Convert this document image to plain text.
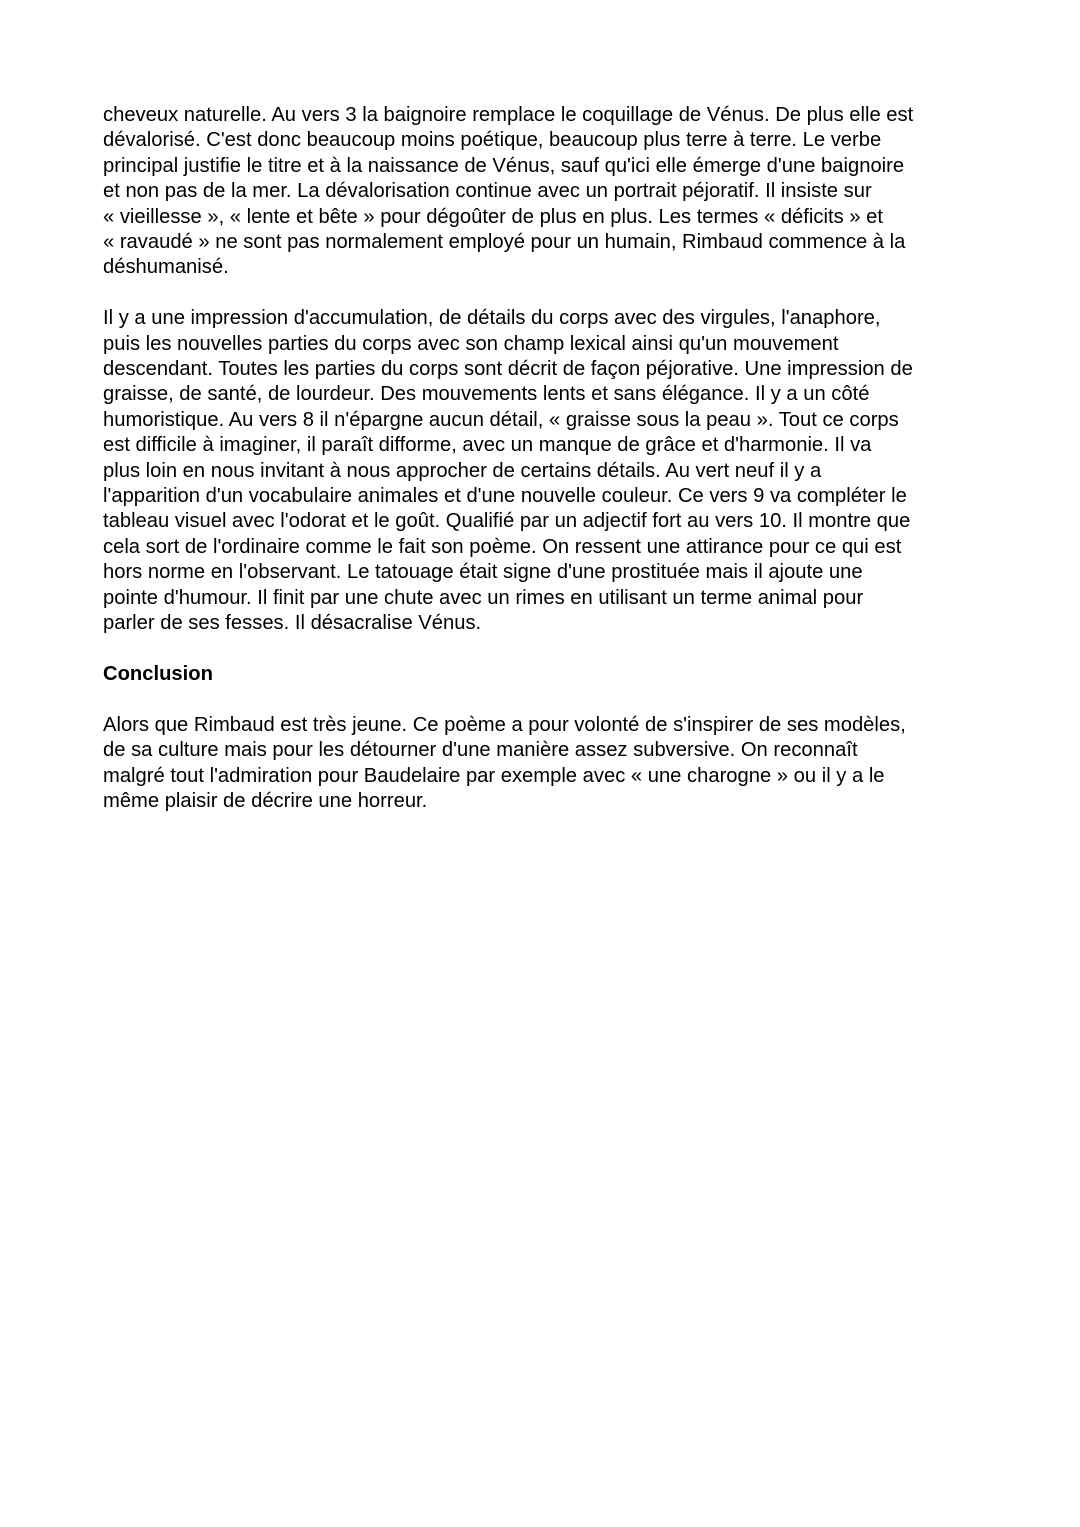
cheveux naturelle. Au vers 3 la baignoire remplace le coquillage de Vénus. De plus elle est
dévalorisé. C'est donc beaucoup moins poétique, beaucoup plus terre à terre. Le verbe
principal justifie le titre et à la naissance de Vénus, sauf qu'ici elle émerge d'une baignoire
et non pas de la mer. La dévalorisation continue avec un portrait péjoratif. Il insiste sur
« vieillesse », « lente et bête » pour dégoûter de plus en plus. Les termes « déficits » et
« ravaudé » ne sont pas normalement employé pour un humain, Rimbaud commence à la
déshumanisé.

Il y a une impression d'accumulation, de détails du corps avec des virgules, l'anaphore,
puis les nouvelles parties du corps avec son champ lexical ainsi qu'un mouvement
descendant. Toutes les parties du corps sont décrit de façon péjorative. Une impression de
graisse, de santé, de lourdeur. Des mouvements lents et sans élégance. Il y a un côté
humoristique. Au vers 8 il n'épargne aucun détail, « graisse sous la peau ». Tout ce corps
est difficile à imaginer, il paraît difforme, avec un manque de grâce et d'harmonie. Il va
plus loin en nous invitant à nous approcher de certains détails. Au vert neuf il y a
l'apparition d'un vocabulaire animales et d'une nouvelle couleur. Ce vers 9 va compléter le
tableau visuel avec l'odorat et le goût. Qualifié par un adjectif fort au vers 10. Il montre que
cela sort de l'ordinaire comme le fait son poème. On ressent une attirance pour ce qui est
hors norme en l'observant. Le tatouage était signe d'une prostituée mais il ajoute une
pointe d'humour. Il finit par une chute avec un rimes en utilisant un terme animal pour
parler de ses fesses. Il désacralise Vénus.

Conclusion

Alors que Rimbaud est très jeune. Ce poème a pour volonté de s'inspirer de ses modèles,
de sa culture mais pour les détourner d'une manière assez subversive. On reconnaît
malgré tout l'admiration pour Baudelaire par exemple avec « une charogne » ou il y a le
même plaisir de décrire une horreur.
